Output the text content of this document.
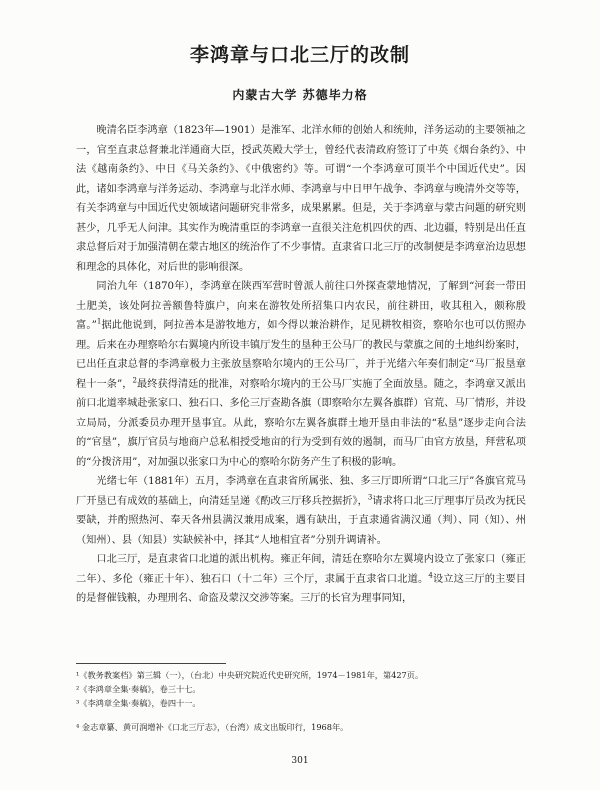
李鸿章与口北三厅的改制
内蒙古大学 苏德毕力格

晚清名臣李鸿章（1823年—1901）是淮军、北洋水师的创始人和统帅，洋务运动的主要领袖之一，官至直隶总督兼北洋通商大臣，授武英殿大学士，曾经代表清政府签订了中英《烟台条约》、中法《越南条约》、中日《马关条约》、《中俄密约》等。可谓“一个李鸿章可顶半个中国近代史”。因此，诸如李鸿章与洋务运动、李鸿章与北洋水师、李鸿章与中日甲午战争、李鸿章与晚清外交等等，有关李鸿章与中国近代史领域诸问题研究非常多，成果累累。但是，关于李鸿章与蒙古问题的研究则甚少，几乎无人问津。其实作为晚清重臣的李鸿章一直很关注危机四伏的西、北边疆，特别是出任直隶总督后对于加强清朝在蒙古地区的统治作了不少事情。直隶省口北三厅的改制便是李鸿章治边思想和理念的具体化，对后世的影响很深。

同治九年（1870年），李鸿章在陕西军营时曾派人前往口外探查蒙地情况，了解到“河套一带田土肥美，该处阿拉善额鲁特旗户，向来在游牧处所招集口内农民，前往耕田，收其租入，颇称殷富。”$^1$据此他说到，阿拉善本是游牧地方，如今得以兼治耕作，足见耕牧相资，察哈尔也可以仿照办理。后来在办理察哈尔右翼境内所设丰镇厅发生的垦种王公马厂的教民与蒙旗之间的土地纠纷案时，已出任直隶总督的李鸿章极力主张放垦察哈尔境内的王公马厂，并于光绪六年奏们制定“马厂报垦章程十一条”，$^2$最终获得清廷的批准，对察哈尔境内的王公马厂实施了全面放垦。随之，李鸿章又派出前口北道率城赴张家口、独石口、多伦三厅查勘各旗（即察哈尔左翼各旗群）官荒、马厂情形，并设立局局，分派委员办理开垦事宜。从此，察哈尔左翼各旗群土地开垦由非法的“私垦”逐步走向合法的“官垦”，旗厅官员与地商户总私相授受地亩的行为受到有效的遏制，而马厂由官方放垦，拜营私项的“分拨济用”，对加强以张家口为中心的察哈尔防务产生了积极的影响。

光绪七年（1881年）五月，李鸿章在直隶省所属张、独、多三厅即所谓“口北三厅”各旗官荒马厂开垦已有成效的基础上，向清廷呈递《酌改三厅移兵控据折》，$^3$请求将口北三厅理事厅员改为抚民要缺，并酌照热河、奉天各州县满汉兼用成案，遇有缺出，于直隶通省满汉通（判）、同（知）、州（知州）、县（知县）实缺候补中，择其“人地相宜者”分别升调请补。

口北三厅，是直隶省口北道的派出机构。雍正年间，清廷在察哈尔左翼境内设立了张家口（雍正二年）、多伦（雍正十年）、独石口（十二年）三个厅，隶属于直隶省口北道。$^4$设立这三厅的主要目的是督催钱粮，办理刑名、命盗及蒙汉交涉等案。三厅的长官为理事同知，

¹《教务教案档》第三辑（一），（台北）中央研究院近代史研究所，1974－1981年，第427页。

²《李鸿章全集·奏稿》，卷三十七。

³《李鸿章全集·奏稿》，卷四十一。

⁴ 金志章纂、黄可润增补《口北三厅志》，（台湾）成文出版印行，1968年。

301
